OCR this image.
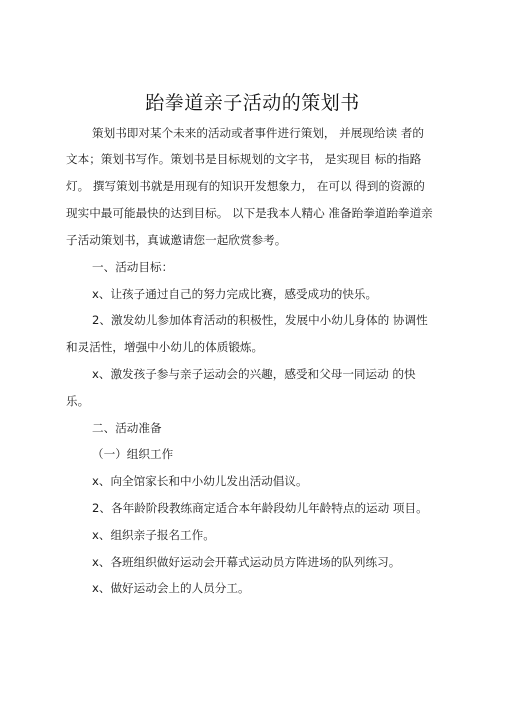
跆拳道亲子活动的策划书
策划书即对某个未来的活动或者事件进行策划， 并展现给读 者的
文本；策划书写作。策划书是目标规划的文字书， 是实现目 标的指路
灯。 撰写策划书就是用现有的知识开发想象力， 在可以 得到的资源的
现实中最可能最快的达到目标。 以下是我本人精心 准备跆拳道跆拳道亲
子活动策划书，真诚邀请您一起欣赏参考。
一、活动目标：
x、让孩子通过自己的努力完成比赛，感受成功的快乐。
2、激发幼儿参加体育活动的积极性，发展中小幼儿身体的 协调性
和灵活性，增强中小幼儿的体质锻炼。
x、激发孩子参与亲子运动会的兴趣，感受和父母一同运动 的快
乐。
二、活动准备
（一）组织工作
x、向全馆家长和中小幼儿发出活动倡议。
2、各年龄阶段教练商定适合本年龄段幼儿年龄特点的运动 项目。
x、组织亲子报名工作。
x、各班组织做好运动会开幕式运动员方阵进场的队列练习。
x、做好运动会上的人员分工。
